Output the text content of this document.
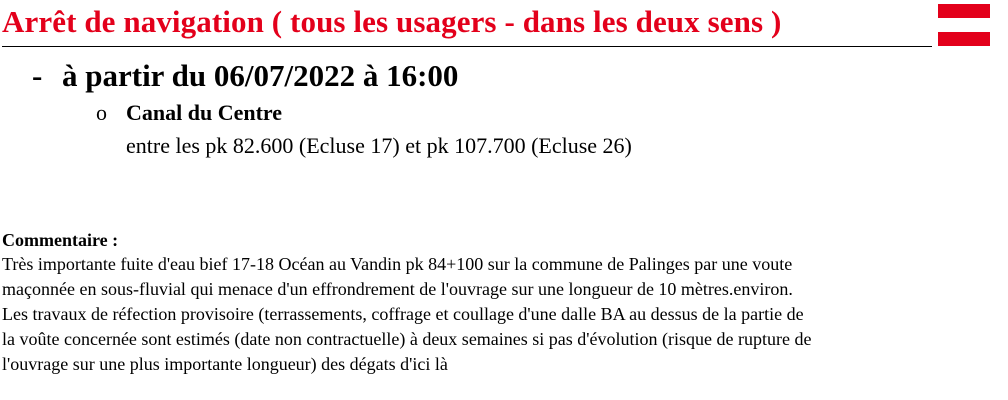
Arrêt de navigation ( tous les usagers - dans les deux sens )
- à partir du 06/07/2022 à 16:00
o Canal du Centre
entre les pk 82.600 (Ecluse 17) et pk 107.700 (Ecluse 26)
Commentaire :
Très importante fuite d'eau bief 17-18 Océan au Vandin pk 84+100 sur la commune de Palinges par une voute
maçonnée en sous-fluvial qui menace d'un effrondrement de l'ouvrage sur une longueur de 10 mètres.environ.
Les travaux de réfection provisoire (terrassements, coffrage et coullage d'une dalle BA au dessus de la partie de
la voûte concernée sont estimés (date non contractuelle) à deux semaines si pas d'évolution (risque de rupture de
l'ouvrage sur une plus importante longueur) des dégats d'ici là
